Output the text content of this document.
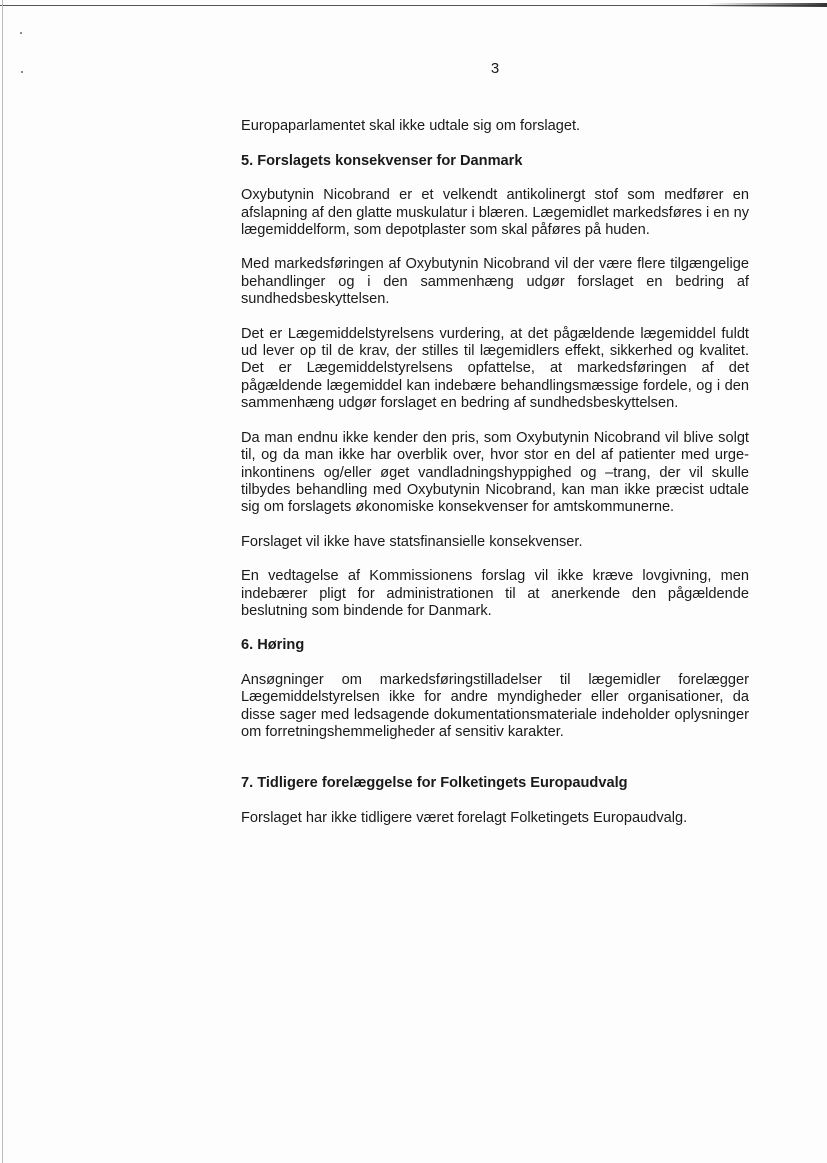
3

Europaparlamentet skal ikke udtale sig om forslaget.

5. Forslagets konsekvenser for Danmark

Oxybutynin Nicobrand er et velkendt antikolinergt stof som medfører en afslapning af den glatte muskulatur i blæren. Lægemidlet markedsføres i en ny lægemiddelform, som depotplaster som skal påføres på huden.

Med markedsføringen af Oxybutynin Nicobrand vil der være flere tilgængelige behandlinger og i den sammenhæng udgør forslaget en bedring af sundhedsbeskyttelsen.

Det er Lægemiddelstyrelsens vurdering, at det pågældende lægemiddel fuldt ud lever op til de krav, der stilles til lægemidlers effekt, sikkerhed og kvalitet. Det er Lægemiddelstyrelsens opfattelse, at markedsføringen af det pågældende lægemiddel kan indebære behandlingsmæssige fordele, og i den sammenhæng udgør forslaget en bedring af sundhedsbeskyttelsen.

Da man endnu ikke kender den pris, som Oxybutynin Nicobrand vil blive solgt til, og da man ikke har overblik over, hvor stor en del af patienter med urge-inkontinens og/eller øget vandladningshyppighed og –trang, der vil skulle tilbydes behandling med Oxybutynin Nicobrand, kan man ikke præcist udtale sig om forslagets økonomiske konsekvenser for amtskommunerne.

Forslaget vil ikke have statsfinansielle konsekvenser.

En vedtagelse af Kommissionens forslag vil ikke kræve lovgivning, men indebærer pligt for administrationen til at anerkende den pågældende beslutning som bindende for Danmark.

6. Høring

Ansøgninger om markedsføringstilladelser til lægemidler forelægger Lægemiddelstyrelsen ikke for andre myndigheder eller organisationer, da disse sager med ledsagende dokumentationsmateriale indeholder oplysninger om forretningshemmeligheder af sensitiv karakter.

7. Tidligere forelæggelse for Folketingets Europaudvalg

Forslaget har ikke tidligere været forelagt Folketingets Europaudvalg.
